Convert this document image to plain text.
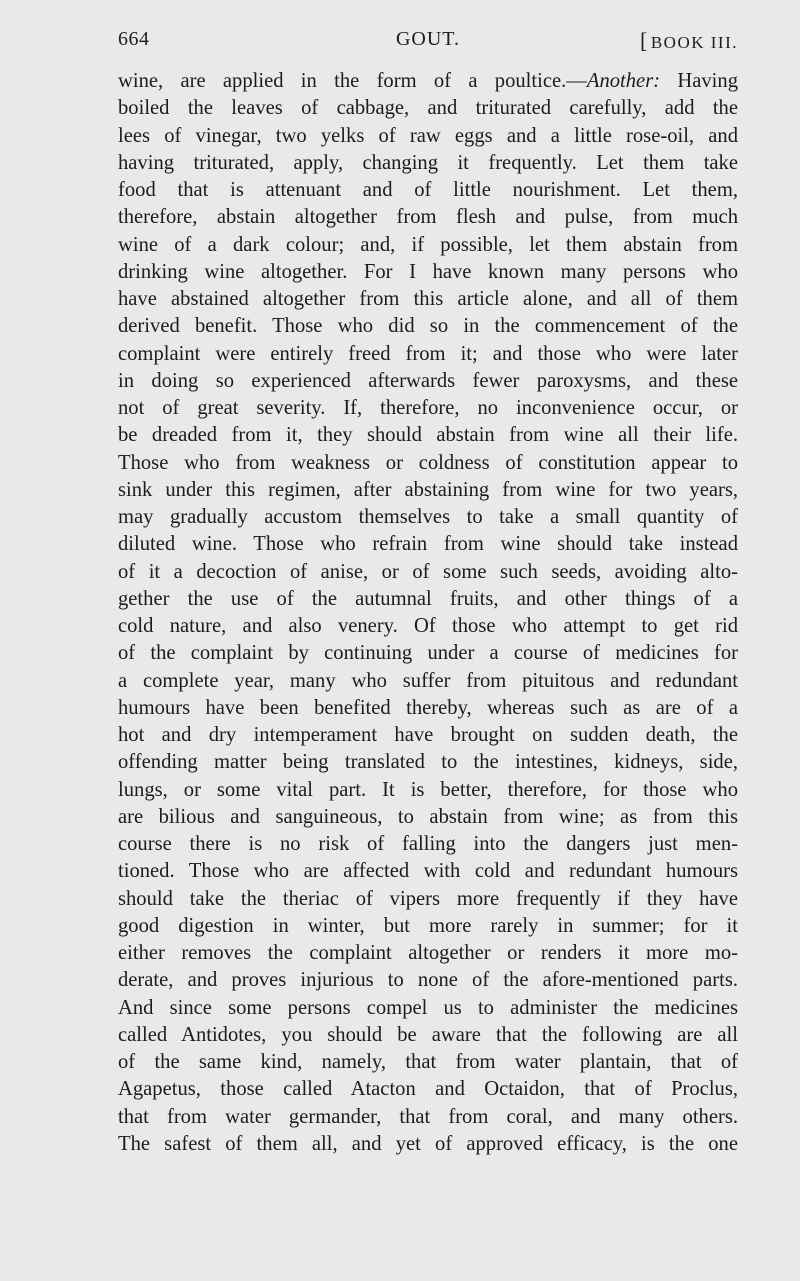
664	GOUT.	[ BOOK III.
wine, are applied in the form of a poultice.—Another: Having
boiled the leaves of cabbage, and triturated carefully, add the
lees of vinegar, two yelks of raw eggs and a little rose-oil, and
having triturated, apply, changing it frequently. Let them take
food that is attenuant and of little nourishment. Let them,
therefore, abstain altogether from flesh and pulse, from much
wine of a dark colour; and, if possible, let them abstain from
drinking wine altogether. For I have known many persons who
have abstained altogether from this article alone, and all of them
derived benefit. Those who did so in the commencement of the
complaint were entirely freed from it; and those who were later
in doing so experienced afterwards fewer paroxysms, and these
not of great severity. If, therefore, no inconvenience occur, or
be dreaded from it, they should abstain from wine all their life.
Those who from weakness or coldness of constitution appear to
sink under this regimen, after abstaining from wine for two years,
may gradually accustom themselves to take a small quantity of
diluted wine. Those who refrain from wine should take instead
of it a decoction of anise, or of some such seeds, avoiding alto-
gether the use of the autumnal fruits, and other things of a
cold nature, and also venery. Of those who attempt to get rid
of the complaint by continuing under a course of medicines for
a complete year, many who suffer from pituitous and redundant
humours have been benefited thereby, whereas such as are of a
hot and dry intemperament have brought on sudden death, the
offending matter being translated to the intestines, kidneys, side,
lungs, or some vital part. It is better, therefore, for those who
are bilious and sanguineous, to abstain from wine; as from this
course there is no risk of falling into the dangers just men-
tioned. Those who are affected with cold and redundant humours
should take the theriac of vipers more frequently if they have
good digestion in winter, but more rarely in summer; for it
either removes the complaint altogether or renders it more mo-
derate, and proves injurious to none of the afore-mentioned parts.
And since some persons compel us to administer the medicines
called Antidotes, you should be aware that the following are all
of the same kind, namely, that from water plantain, that of
Agapetus, those called Atacton and Octaidon, that of Proclus,
that from water germander, that from coral, and many others.
The safest of them all, and yet of approved efficacy, is the one
